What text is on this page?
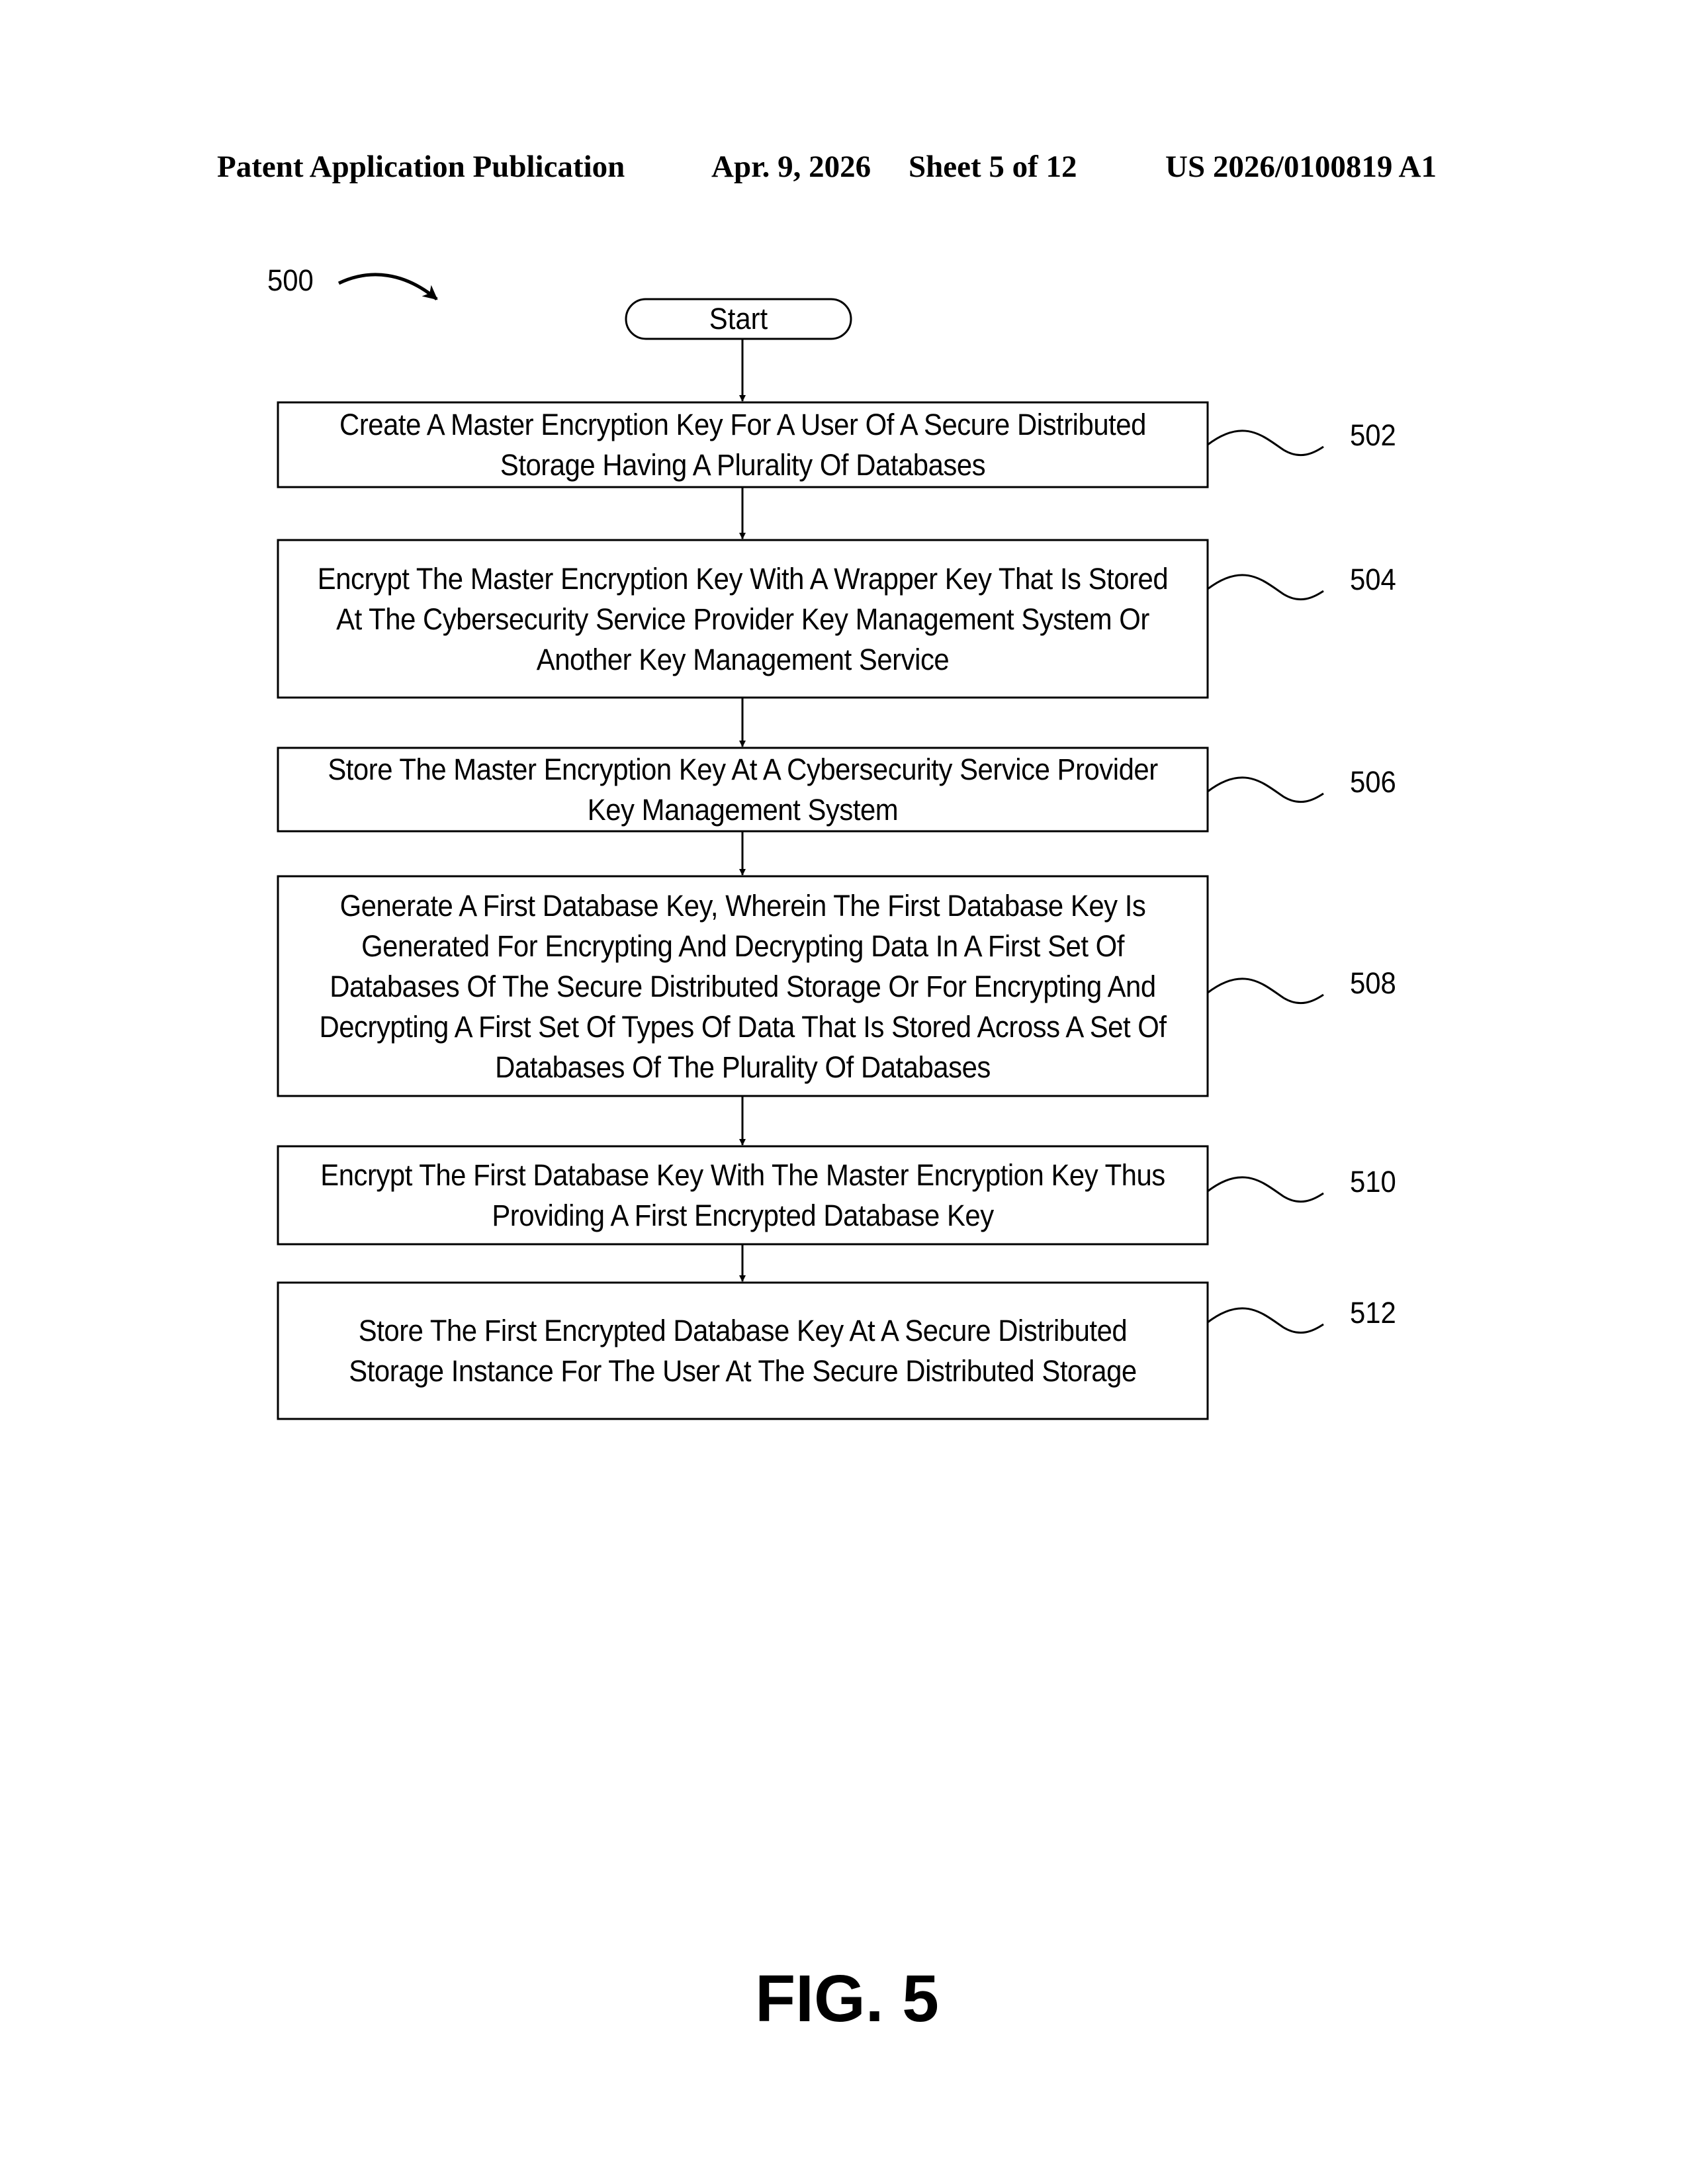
Patent Application Publication	Apr. 9, 2026 Sheet 5 of 12	US 2026/0100819 A1
500
Start
Create A Master Encryption Key For A User Of A Secure Distributed Storage Having A Plurality Of Databases
Encrypt The Master Encryption Key With A Wrapper Key That Is Stored At The Cybersecurity Service Provider Key Management System Or Another Key Management Service
Store The Master Encryption Key At A Cybersecurity Service Provider Key Management System
Generate A First Database Key, Wherein The First Database Key Is Generated For Encrypting And Decrypting Data In A First Set Of Databases Of The Secure Distributed Storage Or For Encrypting And Decrypting A First Set Of Types Of Data That Is Stored Across A Set Of Databases Of The Plurality Of Databases
Encrypt The First Database Key With The Master Encryption Key Thus Providing A First Encrypted Database Key
Store The First Encrypted Database Key At A Secure Distributed Storage Instance For The User At The Secure Distributed Storage
502
504
506
508
510
512
FIG. 5
